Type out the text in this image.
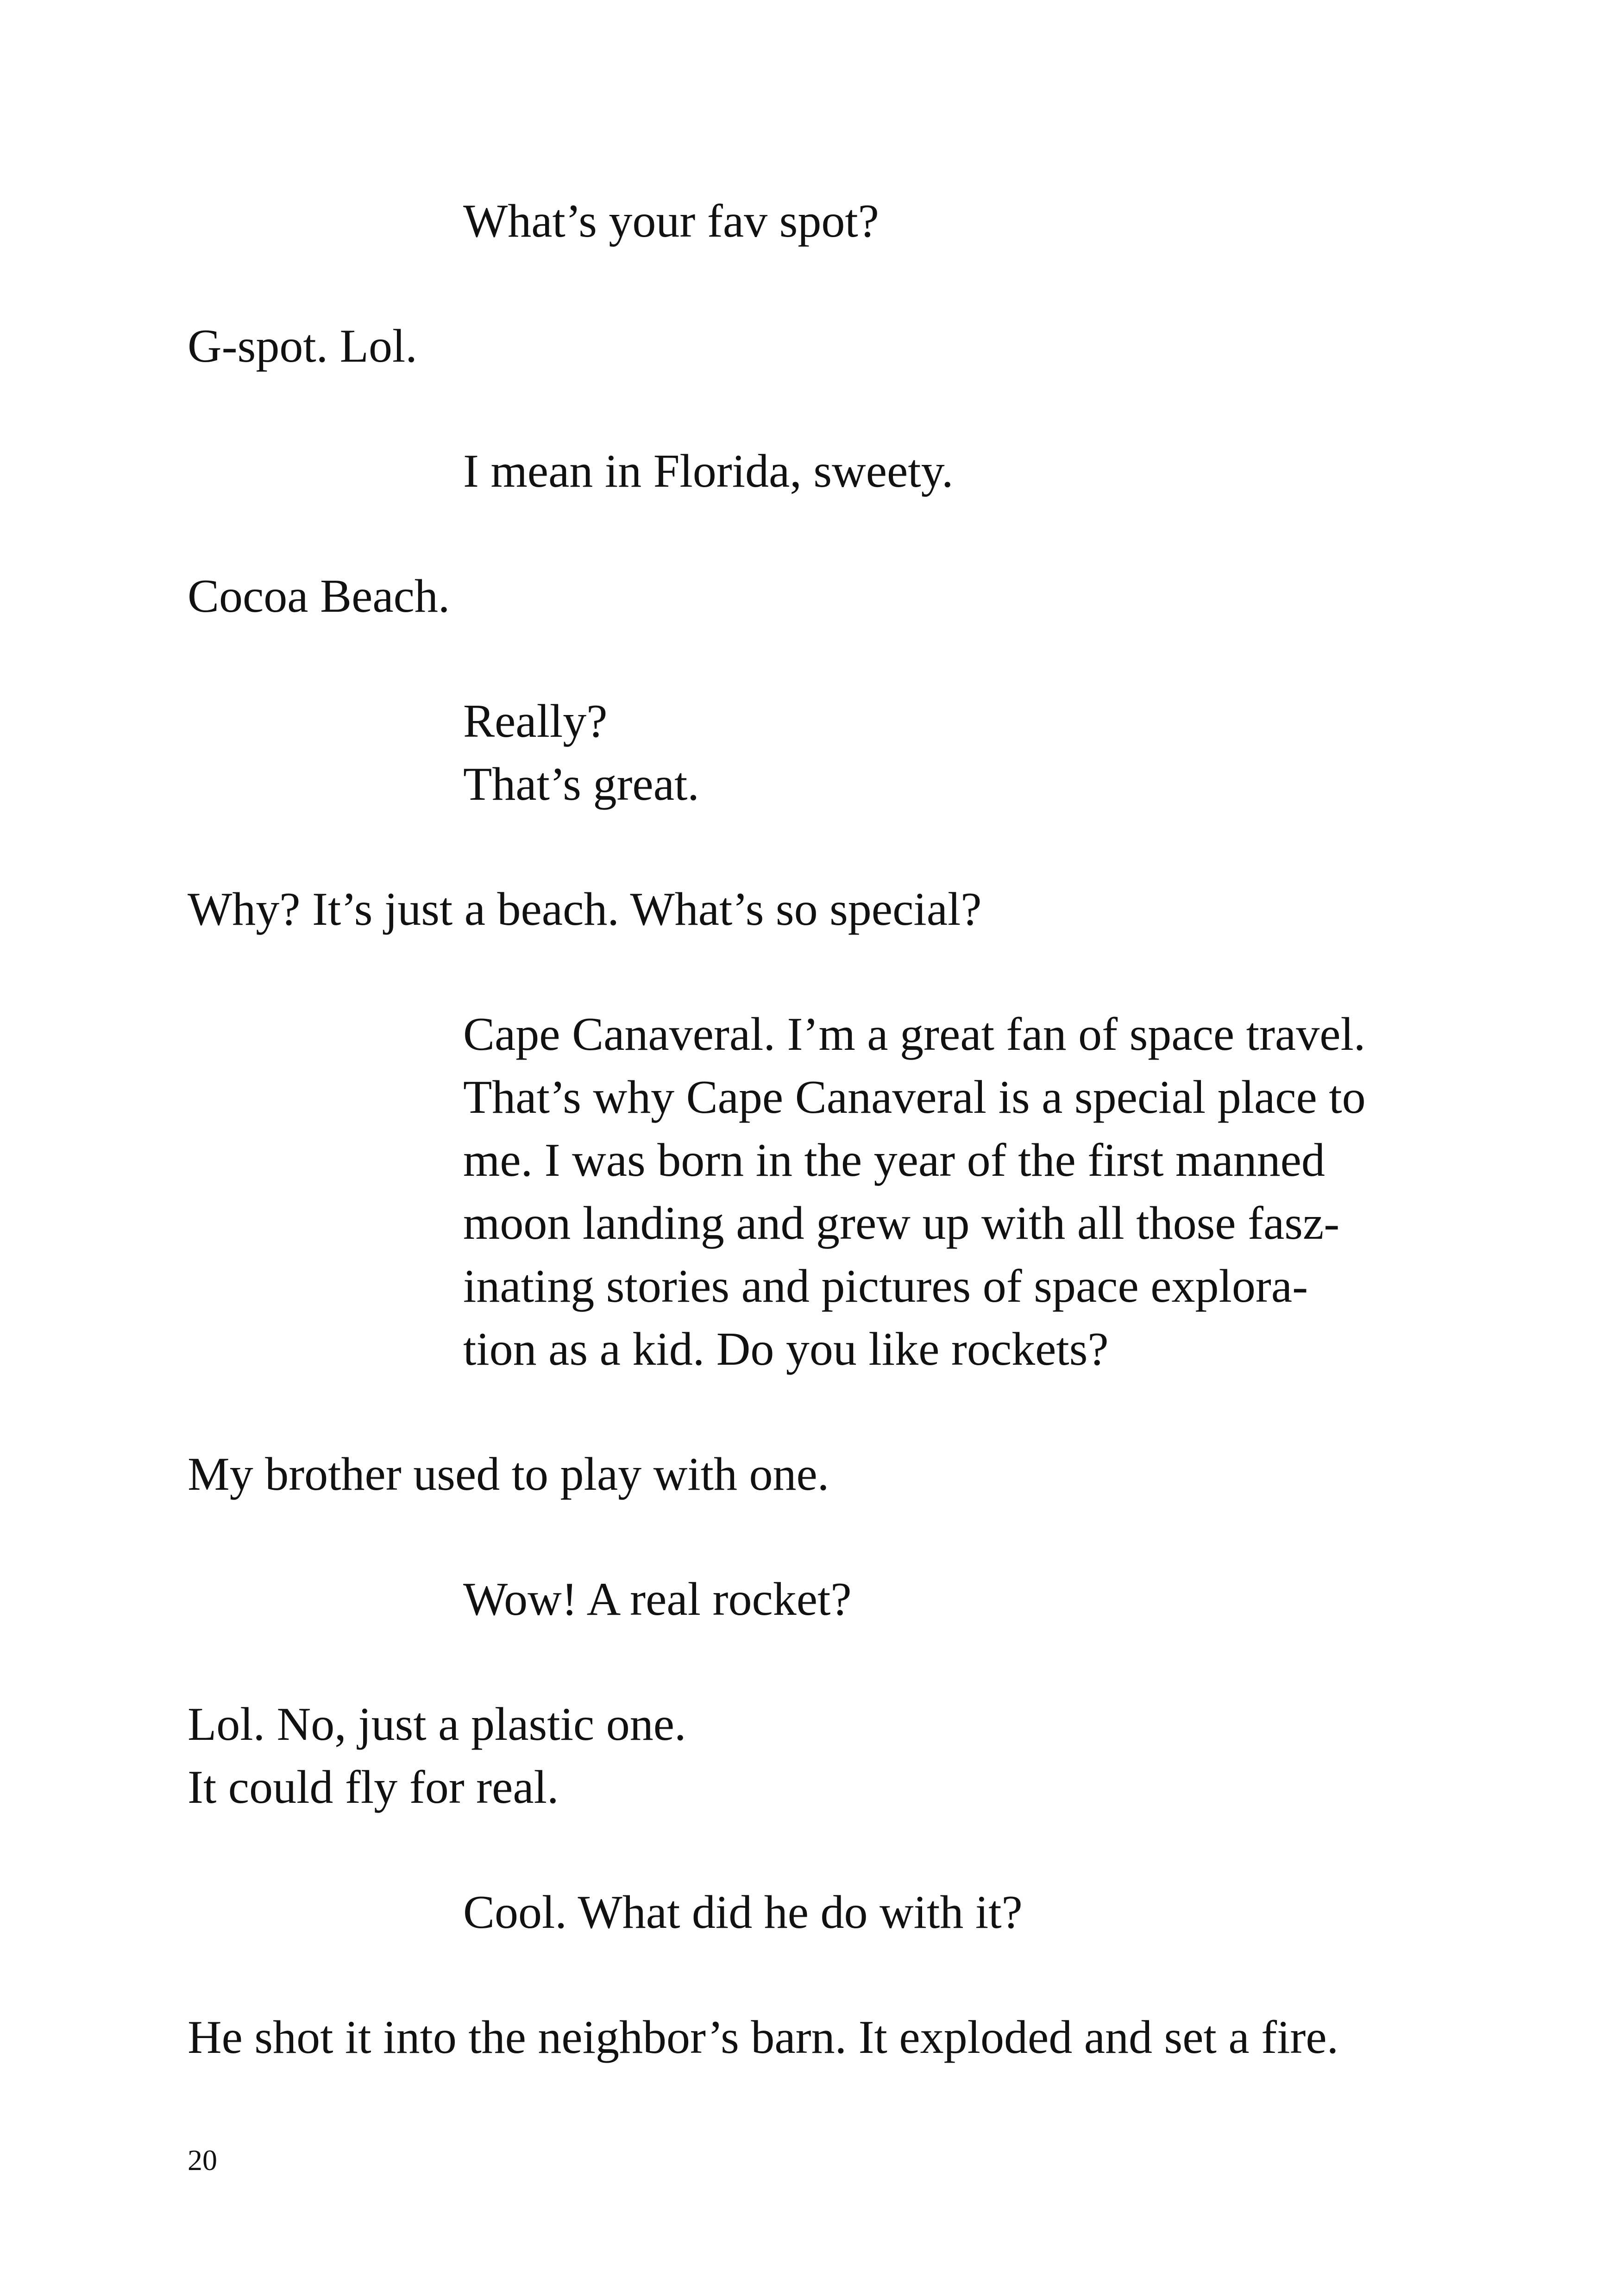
What’s your fav spot?

G-spot. Lol.

I mean in Florida, sweety.

Cocoa Beach.

Really?

That’s great.

Why? It’s just a beach. What’s so special?

Cape Canaveral. I’m a great fan of space travel.

That’s why Cape Canaveral is a special place to

me. I was born in the year of the first manned

moon landing and grew up with all those fasz-

inating stories and pictures of space explora-

tion as a kid. Do you like rockets?

My brother used to play with one.

Wow! A real rocket?

Lol. No, just a plastic one.

It could fly for real.

Cool. What did he do with it?

He shot it into the neighbor’s barn. It exploded and set a fire.

20
